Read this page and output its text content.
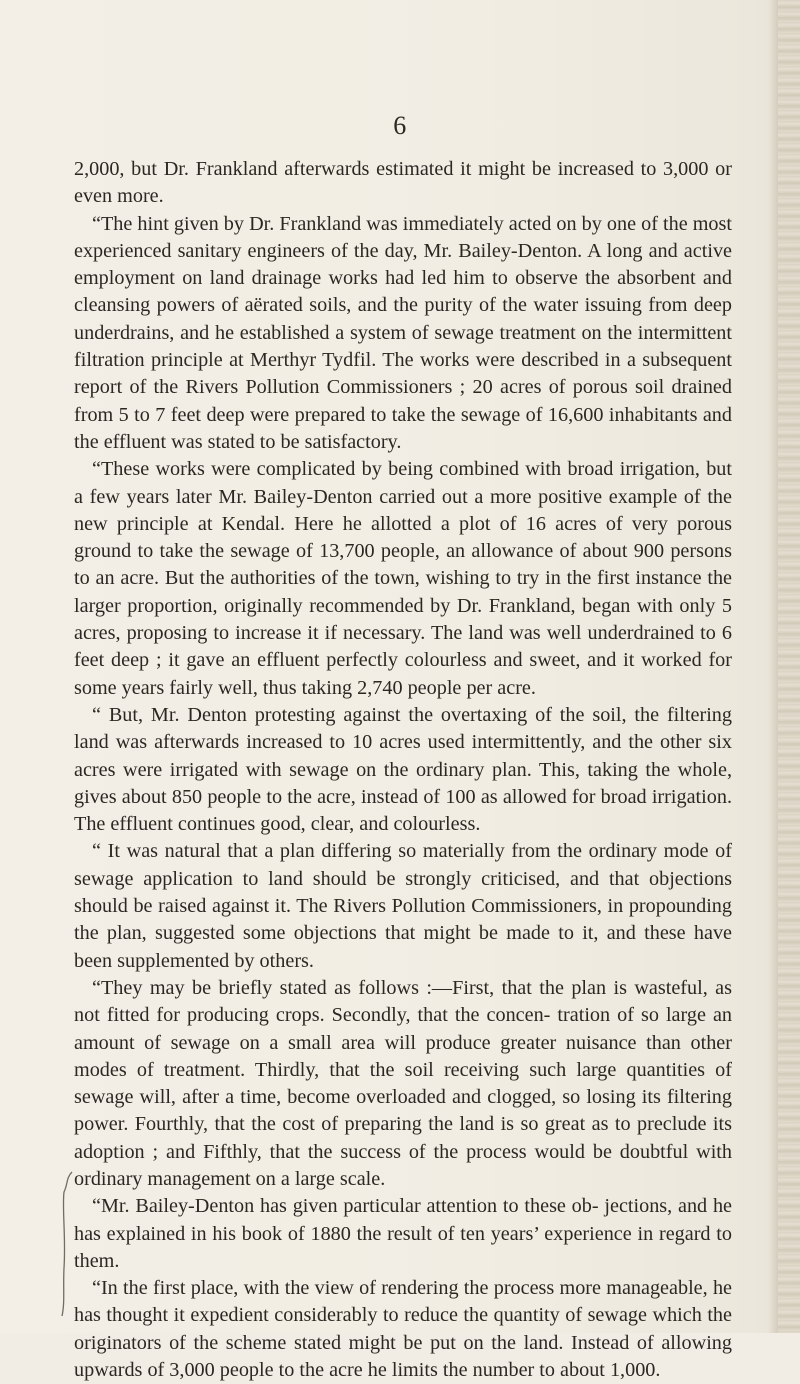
6

2,000, but Dr. Frankland afterwards estimated it might be increased to 3,000 or even more.

“The hint given by Dr. Frankland was immediately acted on by one of the most experienced sanitary engineers of the day, Mr. Bailey-Denton. A long and active employment on land drainage works had led him to observe the absorbent and cleansing powers of aërated soils, and the purity of the water issuing from deep underdrains, and he established a system of sewage treatment on the intermittent filtration principle at Merthyr Tydfil. The works were described in a subsequent report of the Rivers Pollution Commissioners ; 20 acres of porous soil drained from 5 to 7 feet deep were prepared to take the sewage of 16,600 inhabitants and the effluent was stated to be satisfactory.

“These works were complicated by being combined with broad irrigation, but a few years later Mr. Bailey-Denton carried out a more positive example of the new principle at Kendal. Here he allotted a plot of 16 acres of very porous ground to take the sewage of 13,700 people, an allowance of about 900 persons to an acre. But the authorities of the town, wishing to try in the first instance the larger proportion, originally recommended by Dr. Frankland, began with only 5 acres, proposing to increase it if necessary. The land was well underdrained to 6 feet deep ; it gave an effluent perfectly colourless and sweet, and it worked for some years fairly well, thus taking 2,740 people per acre.

“ But, Mr. Denton protesting against the overtaxing of the soil, the filtering land was afterwards increased to 10 acres used intermittently, and the other six acres were irrigated with sewage on the ordinary plan. This, taking the whole, gives about 850 people to the acre, instead of 100 as allowed for broad irrigation. The effluent continues good, clear, and colourless.

“ It was natural that a plan differing so materially from the ordinary mode of sewage application to land should be strongly criticised, and that objections should be raised against it. The Rivers Pollution Commissioners, in propounding the plan, suggested some objections that might be made to it, and these have been supplemented by others.

“They may be briefly stated as follows :—First, that the plan is wasteful, as not fitted for producing crops. Secondly, that the concen- tration of so large an amount of sewage on a small area will produce greater nuisance than other modes of treatment. Thirdly, that the soil receiving such large quantities of sewage will, after a time, become overloaded and clogged, so losing its filtering power. Fourthly, that the cost of preparing the land is so great as to preclude its adoption ; and Fifthly, that the success of the process would be doubtful with ordinary management on a large scale.

“Mr. Bailey-Denton has given particular attention to these ob- jections, and he has explained in his book of 1880 the result of ten years’ experience in regard to them.

“In the first place, with the view of rendering the process more manageable, he has thought it expedient considerably to reduce the quantity of sewage which the originators of the scheme stated might be put on the land. Instead of allowing upwards of 3,000 people to the acre he limits the number to about 1,000.
